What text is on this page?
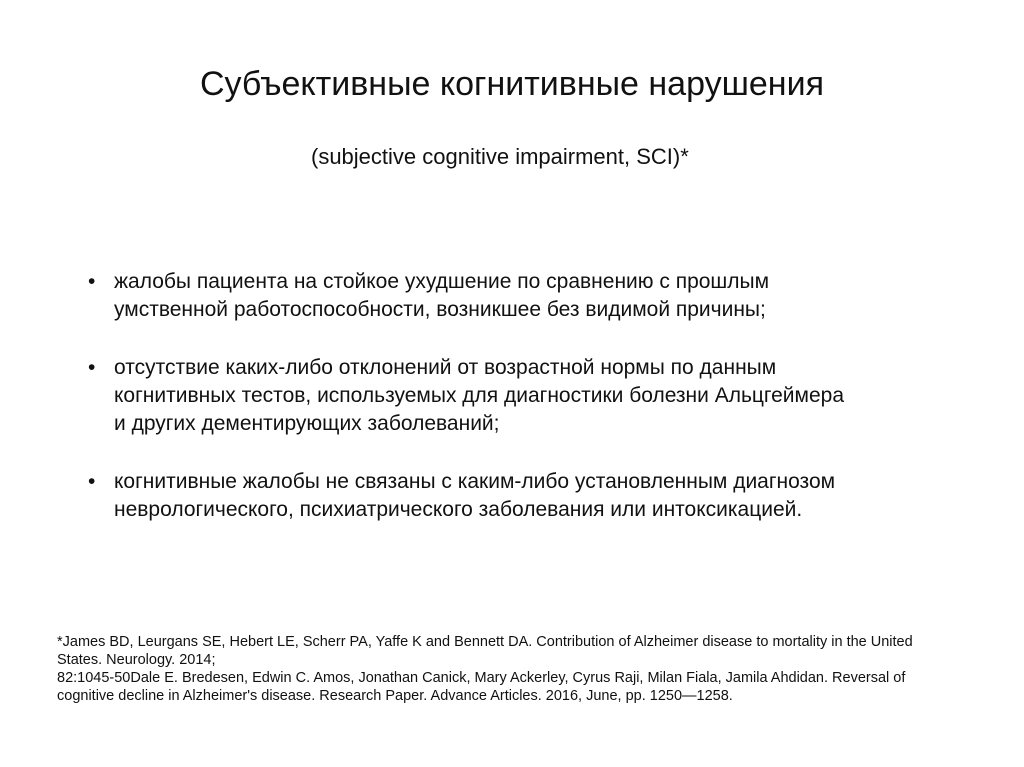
Субъективные когнитивные нарушения

(subjective cognitive impairment, SCI)*

• жалобы пациента на стойкое ухудшение по сравнению с прошлым
умственной работоспособности, возникшее без видимой причины;
• отсутствие каких-либо отклонений от возрастной нормы по данным
когнитивных тестов, используемых для диагностики болезни Альцгеймера
и других дементирующих заболеваний;
• когнитивные жалобы не связаны с каким-либо установленным диагнозом
неврологического, психиатрического заболевания или интоксикацией.

*James BD, Leurgans SE, Hebert LE, Scherr PA, Yaffe K and Bennett DA. Contribution of Alzheimer disease to mortality in the United
States. Neurology. 2014;
82:1045-50Dale E. Bredesen, Edwin C. Amos, Jonathan Canick, Mary Ackerley, Cyrus Raji, Milan Fiala, Jamila Ahdidan. Reversal of
cognitive decline in Alzheimer's disease. Research Paper. Advance Articles. 2016, June, pp. 1250—1258.
